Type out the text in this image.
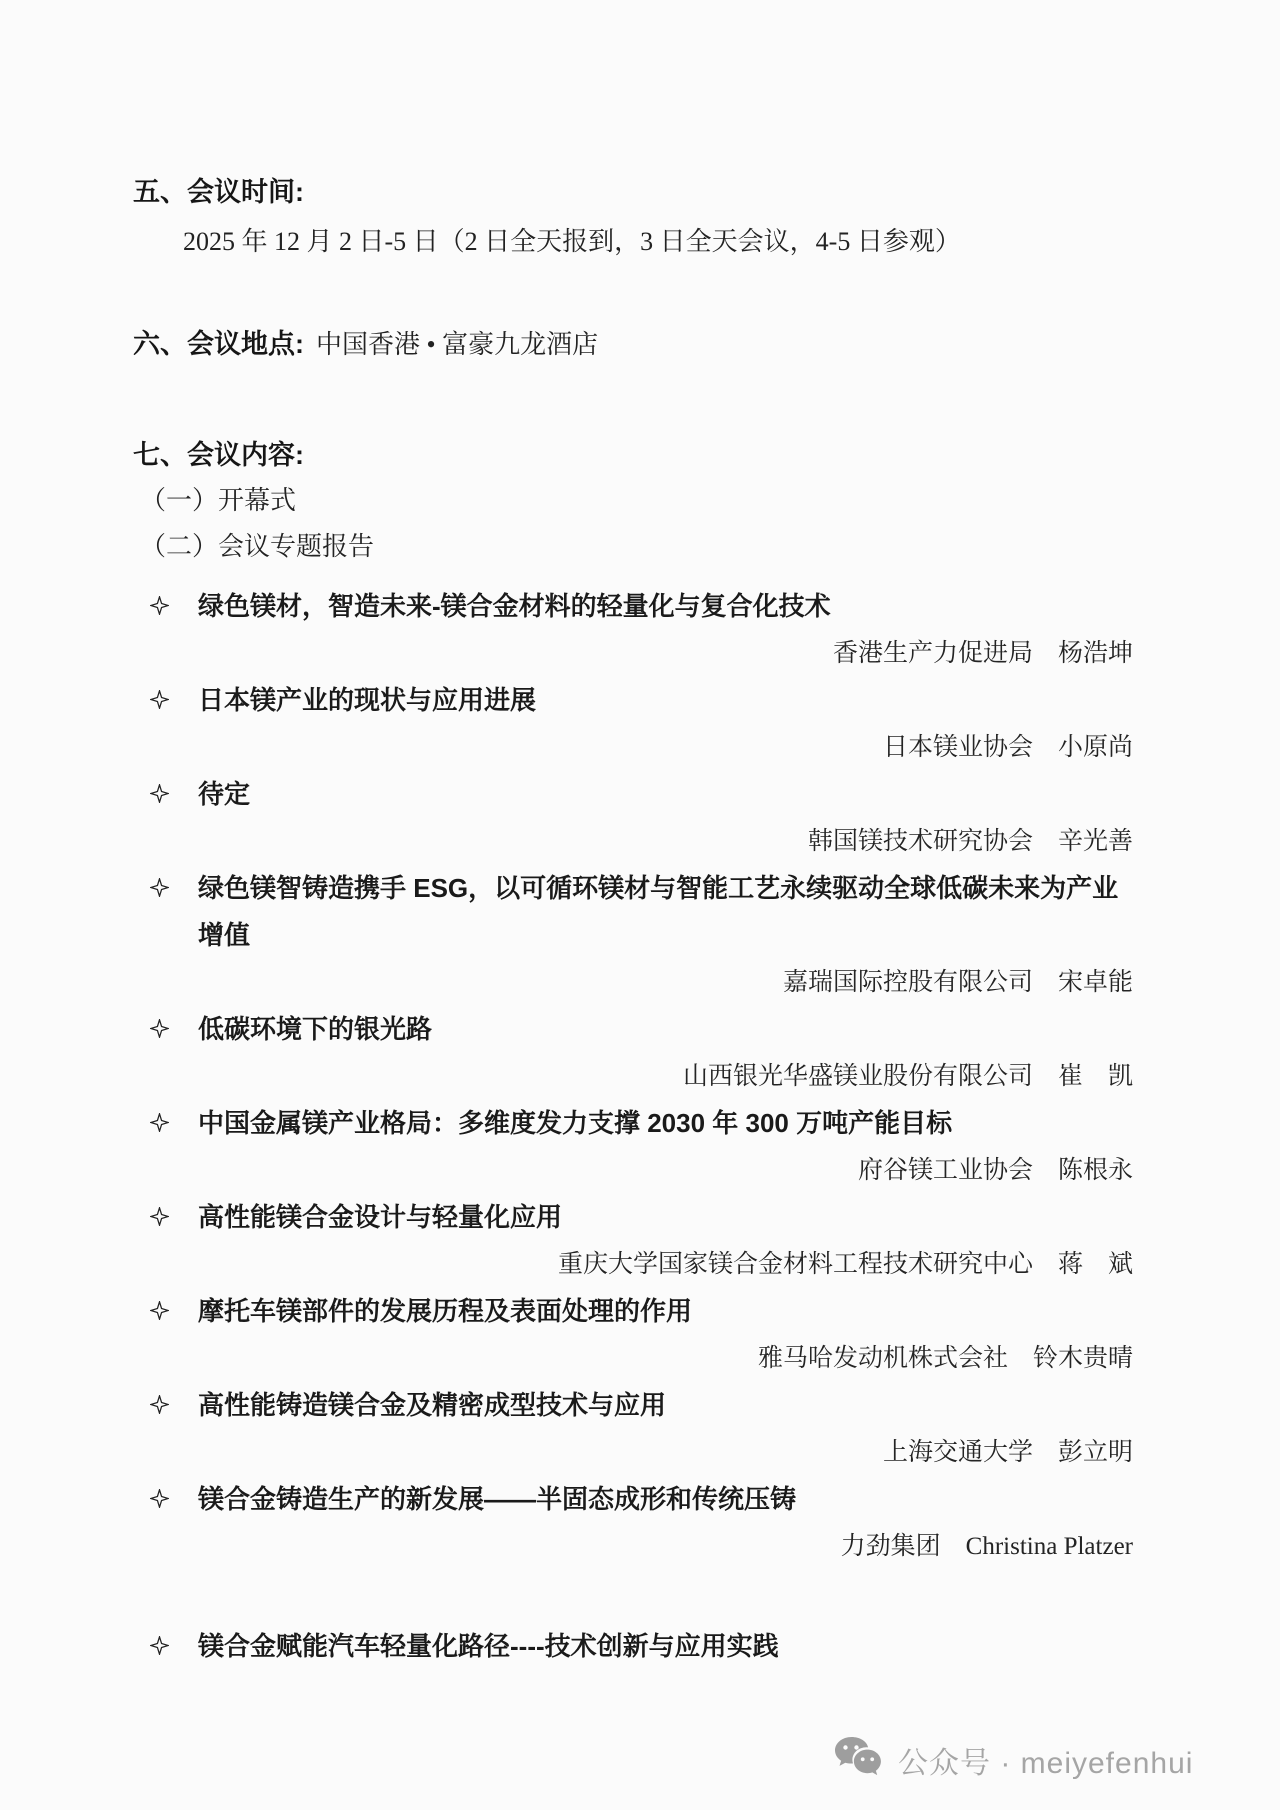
五、会议时间:
2025 年 12 月 2 日-5 日（2 日全天报到，3 日全天会议，4-5 日参观）
六、会议地点: 中国香港 • 富豪九龙酒店
七、会议内容:
（一）开幕式
（二）会议专题报告
绿色镁材，智造未来-镁合金材料的轻量化与复合化技术
香港生产力促进局　杨浩坤
日本镁产业的现状与应用进展
日本镁业协会　小原尚
待定
韩国镁技术研究协会　辛光善
绿色镁智铸造携手 ESG，以可循环镁材与智能工艺永续驱动全球低碳未来为产业增值
嘉瑞国际控股有限公司　宋卓能
低碳环境下的银光路
山西银光华盛镁业股份有限公司　崔　凯
中国金属镁产业格局：多维度发力支撑 2030 年 300 万吨产能目标
府谷镁工业协会　陈根永
高性能镁合金设计与轻量化应用
重庆大学国家镁合金材料工程技术研究中心　蒋　斌
摩托车镁部件的发展历程及表面处理的作用
雅马哈发动机株式会社　铃木贵晴
高性能铸造镁合金及精密成型技术与应用
上海交通大学　彭立明
镁合金铸造生产的新发展——半固态成形和传统压铸
力劲集团　Christina Platzer
镁合金赋能汽车轻量化路径----技术创新与应用实践
公众号 · meiyefenhui
